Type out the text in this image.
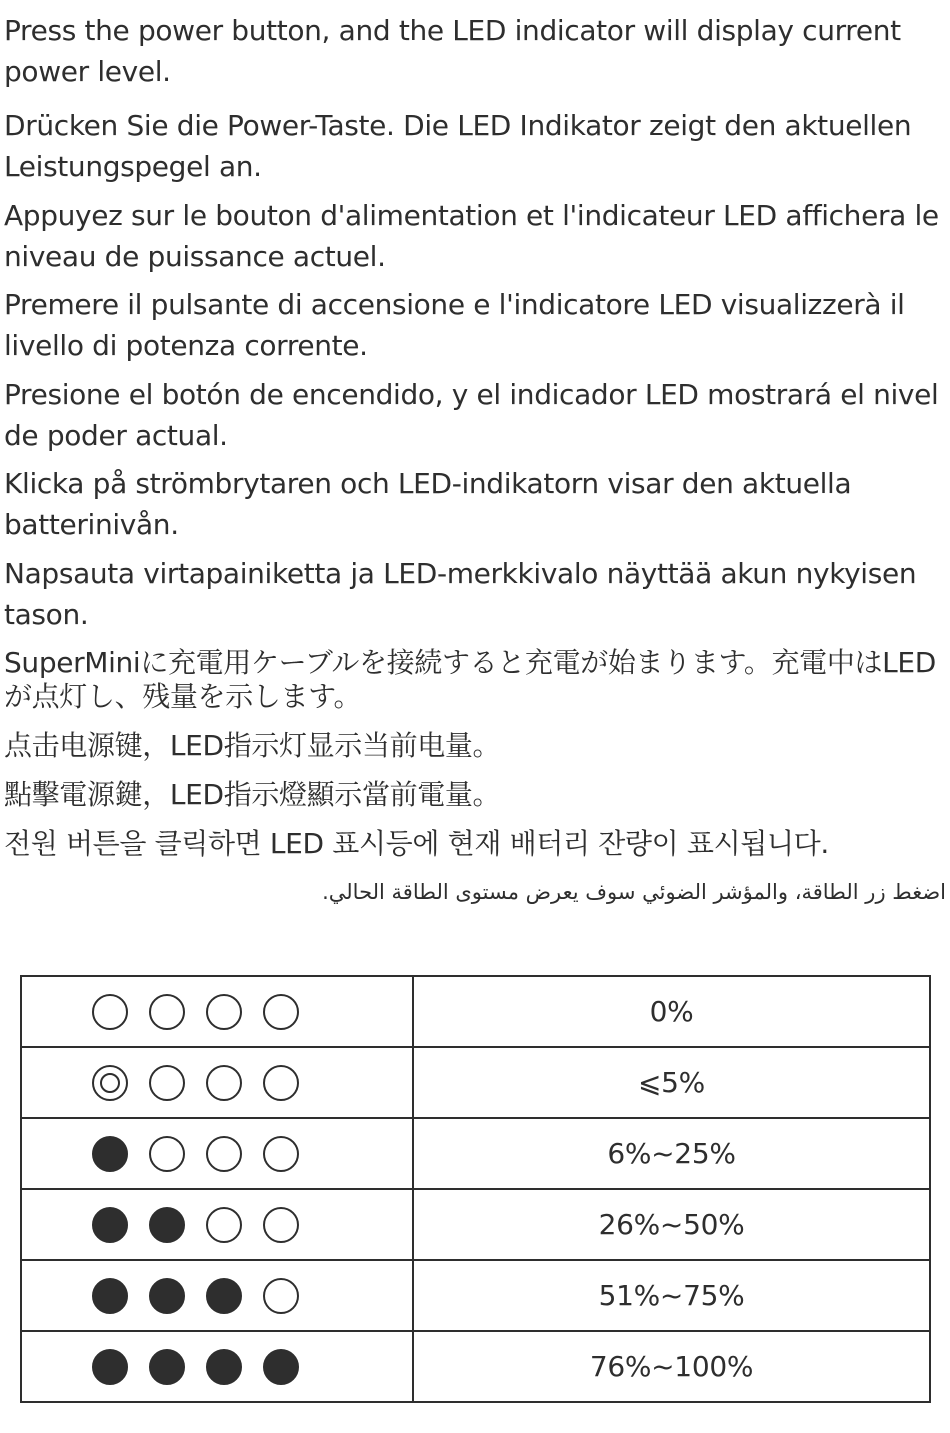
Press the power button, and the LED indicator will display current power level.

Drücken Sie die Power-Taste. Die LED Indikator zeigt den aktuellen Leistungspegel an.

Appuyez sur le bouton d'alimentation et l'indicateur LED affichera le niveau de puissance actuel.

Premere il pulsante di accensione e l'indicatore LED visualizzerà il livello di potenza corrente.

Presione el botón de encendido, y el indicador LED mostrará el nivel de poder actual.

Klicka på strömbrytaren och LED-indikatorn visar den aktuella batterinivån.

Napsauta virtapainiketta ja LED-merkkivalo näyttää akun nykyisen tason.

SuperMiniに充電用ケーブルを接続すると充電が始まります。充電中はLEDが点灯し、残量を示します。

点击电源键，LED指示灯显示当前电量。

點擊電源鍵，LED指示燈顯示當前電量。

전원 버튼을 클릭하면 LED 표시등에 현재 배터리 잔량이 표시됩니다.

اضغط زر الطاقة، والمؤشر الضوئي سوف يعرض مستوى الطاقة الحالي.

	0%

	⩽5%

	6%~25%

	26%~50%

	51%~75%

	76%~100%
